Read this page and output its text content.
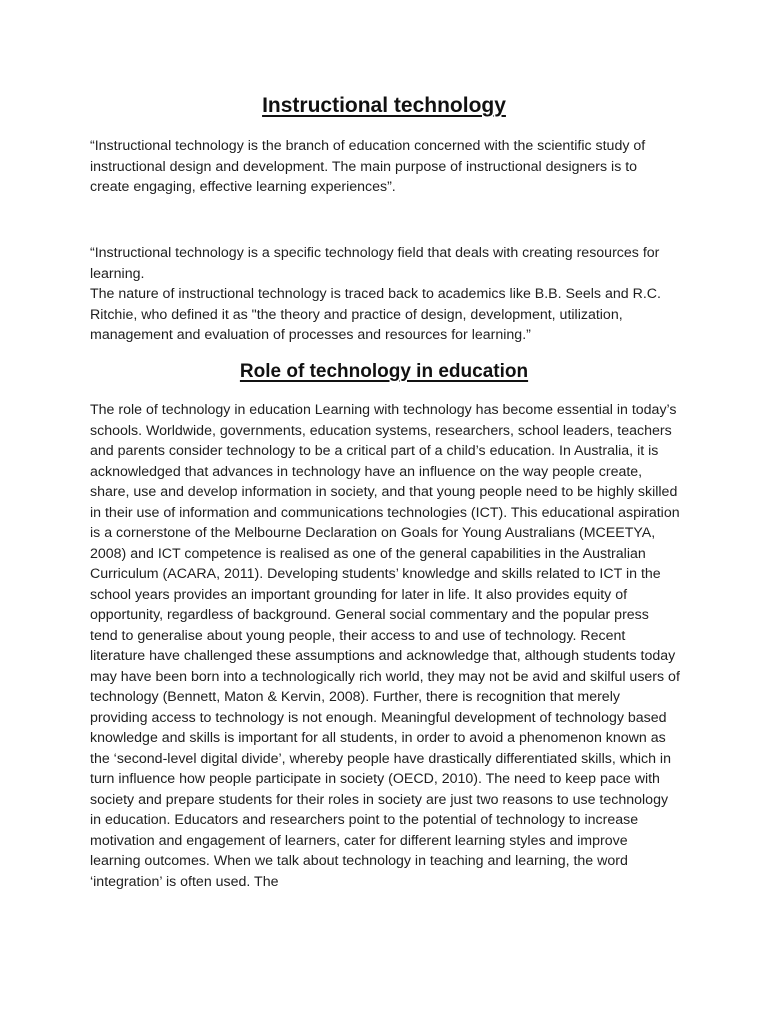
Instructional technology

“Instructional technology is the branch of education concerned with the scientific study of instructional design and development. The main purpose of instructional designers is to create engaging, effective learning experiences”.

“Instructional technology is a specific technology field that deals with creating resources for learning.
The nature of instructional technology is traced back to academics like B.B. Seels and R.C. Ritchie, who defined it as "the theory and practice of design, development, utilization, management and evaluation of processes and resources for learning.”

Role of technology in education

The role of technology in education Learning with technology has become essential in today’s schools. Worldwide, governments, education systems, researchers, school leaders, teachers and parents consider technology to be a critical part of a child’s education. In Australia, it is acknowledged that advances in technology have an influence on the way people create, share, use and develop information in society, and that young people need to be highly skilled in their use of information and communications technologies (ICT). This educational aspiration is a cornerstone of the Melbourne Declaration on Goals for Young Australians (MCEETYA, 2008) and ICT competence is realised as one of the general capabilities in the Australian Curriculum (ACARA, 2011). Developing students’ knowledge and skills related to ICT in the school years provides an important grounding for later in life. It also provides equity of opportunity, regardless of background. General social commentary and the popular press tend to generalise about young people, their access to and use of technology. Recent literature have challenged these assumptions and acknowledge that, although students today may have been born into a technologically rich world, they may not be avid and skilful users of technology (Bennett, Maton & Kervin, 2008). Further, there is recognition that merely providing access to technology is not enough. Meaningful development of technology based knowledge and skills is important for all students, in order to avoid a phenomenon known as the ‘second-level digital divide’, whereby people have drastically differentiated skills, which in turn influence how people participate in society (OECD, 2010). The need to keep pace with society and prepare students for their roles in society are just two reasons to use technology in education. Educators and researchers point to the potential of technology to increase motivation and engagement of learners, cater for different learning styles and improve learning outcomes. When we talk about technology in teaching and learning, the word ‘integration’ is often used. The
